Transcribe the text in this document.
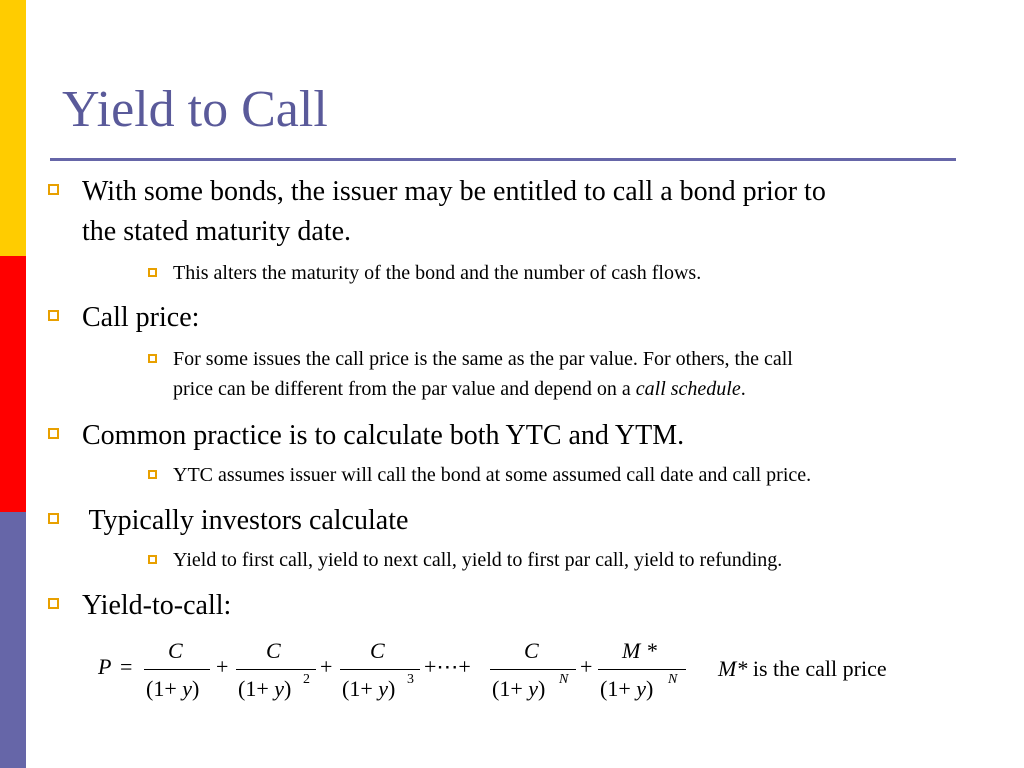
Yield to Call
With some bonds, the issuer may be entitled to call a bond prior to
the stated maturity date.
This alters the maturity of the bond and the number of cash flows.
Call price:
For some issues the call price is the same as the par value. For others, the call
price can be different from the par value and depend on a call schedule.
Common practice is to calculate both YTC and YTM.
YTC assumes issuer will call the bond at some assumed call date and call price.
Typically investors calculate
Yield to first call, yield to next call, yield to first par call, yield to refunding.
Yield-to-call:
P =
C
(1+ y)
+
C
(1+ y) 2
+
C
(1+ y) 3
+⋯+
C
(1+ y) N
+
M *
(1+ y) N M* is the call price
